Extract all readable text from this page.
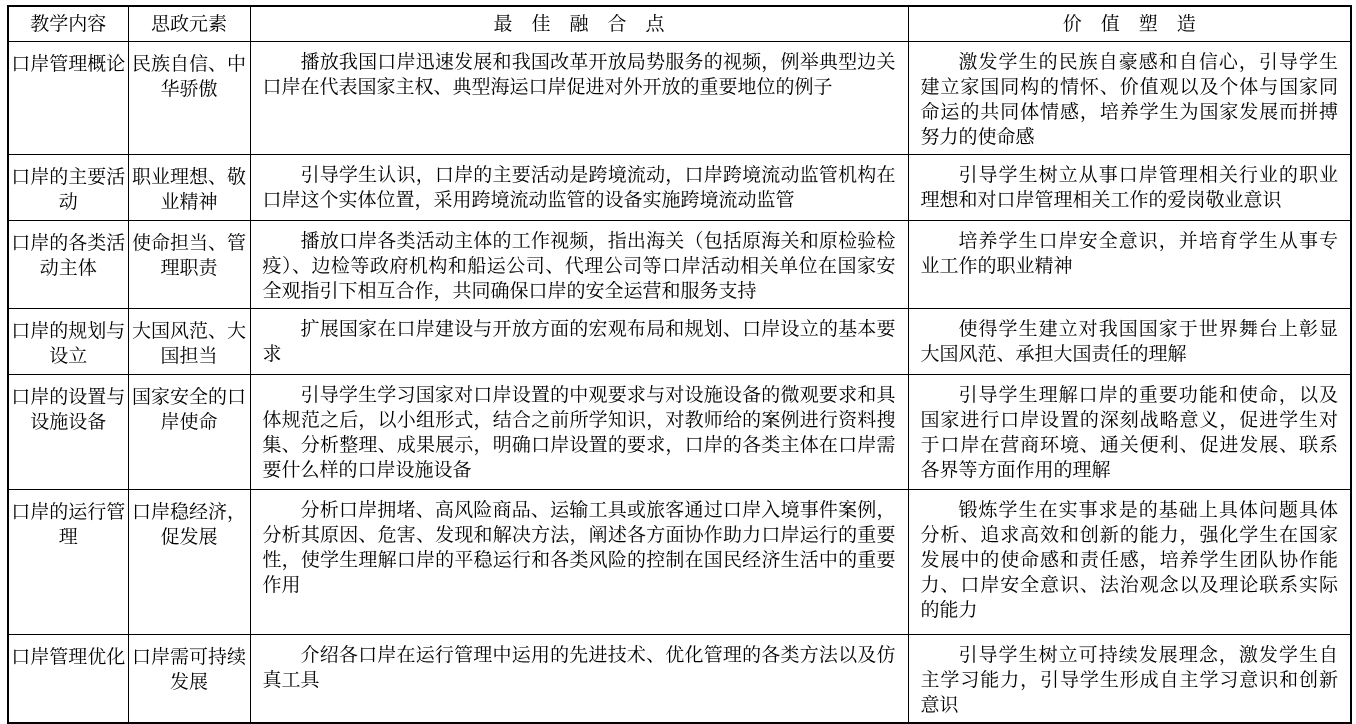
教学内容	思政元素	最　佳　融　合　点	价　值　塑　造
口岸管理概论	民族自信、中华骄傲	播放我国口岸迅速发展和我国改革开放局势服务的视频，例举典型边关口岸在代表国家主权、典型海运口岸促进对外开放的重要地位的例子	激发学生的民族自豪感和自信心，引导学生建立家国同构的情怀、价值观以及个体与国家同命运的共同体情感，培养学生为国家发展而拼搏努力的使命感
口岸的主要活动	职业理想、敬业精神	引导学生认识，口岸的主要活动是跨境流动，口岸跨境流动监管机构在口岸这个实体位置，采用跨境流动监管的设备实施跨境流动监管	引导学生树立从事口岸管理相关行业的职业理想和对口岸管理相关工作的爱岗敬业意识
口岸的各类活动主体	使命担当、管理职责	播放口岸各类活动主体的工作视频，指出海关（包括原海关和原检验检疫）、边检等政府机构和船运公司、代理公司等口岸活动相关单位在国家安全观指引下相互合作，共同确保口岸的安全运营和服务支持	培养学生口岸安全意识，并培育学生从事专业工作的职业精神
口岸的规划与设立	大国风范、大国担当	扩展国家在口岸建设与开放方面的宏观布局和规划、口岸设立的基本要求	使得学生建立对我国国家于世界舞台上彰显大国风范、承担大国责任的理解
口岸的设置与设施设备	国家安全的口岸使命	引导学生学习国家对口岸设置的中观要求与对设施设备的微观要求和具体规范之后，以小组形式，结合之前所学知识，对教师给的案例进行资料搜集、分析整理、成果展示，明确口岸设置的要求，口岸的各类主体在口岸需要什么样的口岸设施设备	引导学生理解口岸的重要功能和使命，以及国家进行口岸设置的深刻战略意义，促进学生对于口岸在营商环境、通关便利、促进发展、联系各界等方面作用的理解
口岸的运行管理	口岸稳经济，促发展	分析口岸拥堵、高风险商品、运输工具或旅客通过口岸入境事件案例，分析其原因、危害、发现和解决方法，阐述各方面协作助力口岸运行的重要性，使学生理解口岸的平稳运行和各类风险的控制在国民经济生活中的重要作用	锻炼学生在实事求是的基础上具体问题具体分析、追求高效和创新的能力，强化学生在国家发展中的使命感和责任感，培养学生团队协作能力、口岸安全意识、法治观念以及理论联系实际的能力
口岸管理优化	口岸需可持续发展	介绍各口岸在运行管理中运用的先进技术、优化管理的各类方法以及仿真工具	引导学生树立可持续发展理念，激发学生自主学习能力，引导学生形成自主学习意识和创新意识
